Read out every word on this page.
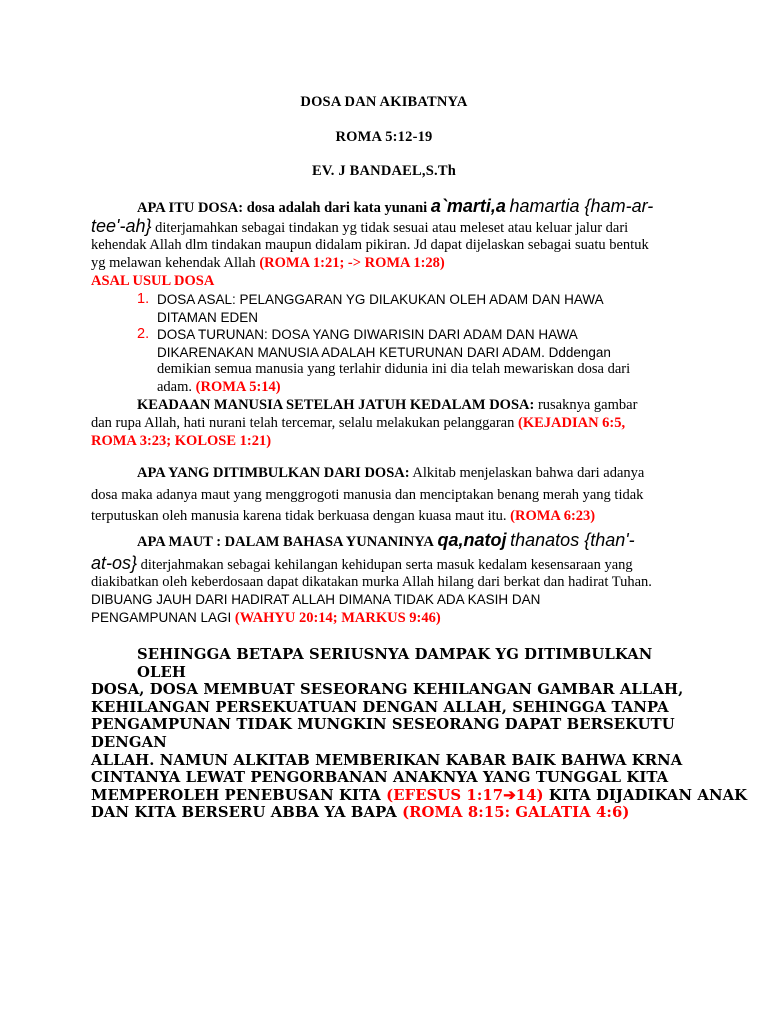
DOSA DAN AKIBATNYA
ROMA 5:12-19
EV. J BANDAEL,S.Th
APA ITU DOSA: dosa adalah dari kata yunani a`marti,a hamartia {ham-ar-
tee'-ah} diterjamahkan sebagai tindakan yg tidak sesuai atau meleset atau keluar jalur dari
kehendak Allah dlm tindakan maupun didalam pikiran. Jd dapat dijelaskan sebagai suatu bentuk
yg melawan kehendak Allah (ROMA 1:21; -> ROMA 1:28)
ASAL USUL DOSA
1. DOSA ASAL: PELANGGARAN YG DILAKUKAN OLEH ADAM DAN HAWA
DITAMAN EDEN
2. DOSA TURUNAN: DOSA YANG DIWARISIN DARI ADAM DAN HAWA
DIKARENAKAN MANUSIA ADALAH KETURUNAN DARI ADAM. Dddengan
demikian semua manusia yang terlahir didunia ini dia telah mewariskan dosa dari
adam. (ROMA 5:14)
KEADAAN MANUSIA SETELAH JATUH KEDALAM DOSA: rusaknya gambar
dan rupa Allah, hati nurani telah tercemar, selalu melakukan pelanggaran (KEJADIAN 6:5,
ROMA 3:23; KOLOSE 1:21)
APA YANG DITIMBULKAN DARI DOSA: Alkitab menjelaskan bahwa dari adanya
dosa maka adanya maut yang menggrogoti manusia dan menciptakan benang merah yang tidak
terputuskan oleh manusia karena tidak berkuasa dengan kuasa maut itu. (ROMA 6:23)
APA MAUT : DALAM BAHASA YUNANINYA qa,natoj thanatos {than'-
at-os} diterjahmakan sebagai kehilangan kehidupan serta masuk kedalam kesensaraan yang
diakibatkan oleh keberdosaan dapat dikatakan murka Allah hilang dari berkat dan hadirat Tuhan.
DIBUANG JAUH DARI HADIRAT ALLAH DIMANA TIDAK ADA KASIH DAN
PENGAMPUNAN LAGI (WAHYU 20:14; MARKUS 9:46)
SEHINGGA BETAPA SERIUSNYA DAMPAK YG DITIMBULKAN OLEH
DOSA, DOSA MEMBUAT SESEORANG KEHILANGAN GAMBAR ALLAH,
KEHILANGAN PERSEKUATUAN DENGAN ALLAH, SEHINGGA TANPA
PENGAMPUNAN TIDAK MUNGKIN SESEORANG DAPAT BERSEKUTU DENGAN
ALLAH. NAMUN ALKITAB MEMBERIKAN KABAR BAIK BAHWA KRNA
CINTANYA LEWAT PENGORBANAN ANAKNYA YANG TUNGGAL KITA
MEMPEROLEH PENEBUSAN KITA (EFESUS 1:17➔14) KITA DIJADIKAN ANAK
DAN KITA BERSERU ABBA YA BAPA (ROMA 8:15: GALATIA 4:6)
